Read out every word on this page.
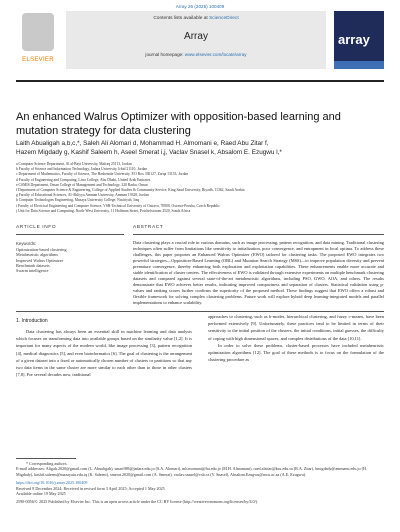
Array 26 (2025) 100409
ELSEVIER
Contents lists available at ScienceDirect
Array
journal homepage: www.elsevier.com/locate/array
array
An enhanced Walrus Optimizer with opposition-based learning and mutation strategy for data clustering
Laith Abualigah a,b,c,*, Saleh Ali Alomari d, Mohammad H. Almomani e, Raed Abu Zitar f,
Hazem Migdady g, Kashif Saleem h, Aseel Smerat i,j, Vaclav Snasel k, Absalom E. Ezugwu l,*
a Computer Science Department, Al al-Bayt University, Mafraq 25113, Jordan
b Faculty of Science and Information Technology, Jadara University, Irbid 21110, Jordan
c Department of Mathematics, Faculty of Science, The Hashemite University, P.O Box 330127, Zarqa 13133, Jordan
d Faculty of Engineering and Computing, Liwa College, Abu Dhabi, United Arab Emirates
e CSMIS Department, Oman College of Management and Technology, 320 Barka, Oman
f Department of Computer Science & Engineering, College of Applied Studies & Community Service, King Saud University, Riyadh, 11362, Saudi Arabia
g Faculty of Educational Sciences, Al-Ahliyya Amman University, Amman 19328, Jordan
h Computer Technologies Engineering, Mazaya University College, Nasiriyah, Iraq
i Faculty of Electrical Engineering and Computer Science, VSB-Technical University of Ostrava, 70800, Ostrava-Poruba, Czech Republic
j Unit for Data Science and Computing, North-West University, 11 Hoffman Street, Potchefstroom 2520, South Africa
ARTICLE INFO
Keywords:
Optimization-based clustering
Metaheuristic algorithms
Improved Walrus Optimizer
Benchmark datasets
Swarm intelligence
ABSTRACT
Data clustering plays a crucial role in various domains, such as image processing, pattern recognition, and data mining. Traditional clustering techniques often suffer from limitations like sensitivity to initialization, poor convergence, and entrapment in local optima. To address these challenges, this paper proposes an Enhanced Walrus Optimizer (EWO) tailored for clustering tasks. The proposed EWO integrates two powerful strategies—Opposition-Based Learning (OBL) and Mutation Search Strategy (MSS)—to improve population diversity and prevent premature convergence, thereby enhancing both exploration and exploitation capabilities. These enhancements enable more accurate and stable identification of cluster centers. The effectiveness of EWO is validated through extensive experiments on multiple benchmark clustering datasets and compared against several state-of-the-art metaheuristic algorithms, including PSO, GWO, AOA, and others. The results demonstrate that EWO achieves better results, indicating improved compactness and separation of clusters. Statistical validation using p-values and ranking scores further confirms the superiority of the proposed method. These findings suggest that EWO offers a robust and flexible framework for solving complex clustering problems. Future work will explore hybrid deep learning-integrated models and parallel implementations to enhance scalability.
1. Introduction
Data clustering has always been an essential skill in machine learning and data analysis which focuses on transforming data into available groups based on the similarity value [1,2]. It is important for many aspects of the modern world, like image processing [3], pattern recognition [4], medical diagnostics [5], and even bioinformatics [6]. The goal of clustering is the arrangement of a given dataset into a fixed or automatically chosen number of clusters or partitions so that any two data items in the same cluster are more similar to each other than to those in other clusters [7,8]. For several decades now, traditional
approaches to clustering, such as k-modes, hierarchical clustering, and fuzzy c-means, have been performed extensively [9]. Unfortunately, these practices tend to be limited in terms of their sensitivity to the initial position of the clusters, the initial conditions, initial guesses, the difficulty of coping with high dimensional spaces, and complex distributions of the data [10,11].
In order to solve these problems, cluster-based processes have included metaheuristic optimization algorithms [12]. The goal of these methods is to focus on the formulation of the clustering procedure as
* Corresponding authors.
E-mail addresses: Aligah.2020@gmail.com (L. Abualigah), smari986@jadara.edu.jo (S.A. Alomari), mh.momani@hu.edu.jo (M.H. Almomani), raed.alzitar@ksu.edu.sa (R.A. Zitar), hmigdady@ammanu.edu.jo (H. Migdady), kashif.saleem@mazayaiu.edu.iq (K. Saleem), smerat.2020@gmail.com (A. Smerat), vaclav.snasel@vsb.cz (V. Snasel), Absalom.Ezugwu@nwu.ac.za (A.E. Ezugwu).
https://doi.org/10.1016/j.array.2025.100409
Received 8 December 2024; Received in revised form 3 April 2025; Accepted 1 May 2025
Available online 19 May 2025
2590-0056/© 2025 Published by Elsevier Inc. This is an open access article under the CC BY license (http://creativecommons.org/licenses/by/4.0/).
